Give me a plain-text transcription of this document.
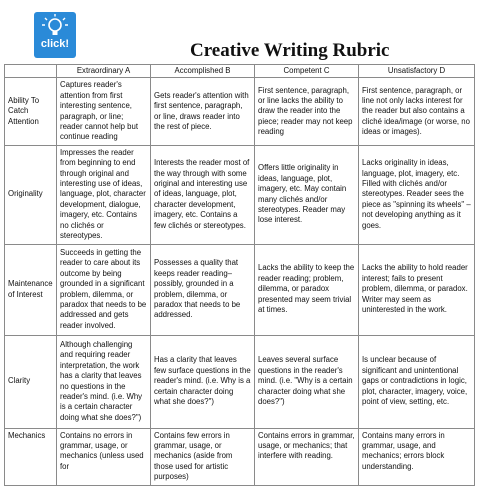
click!	Creative Writing Rubric
	Extraordinary A	Accomplished B	Competent C	Unsatisfactory D
Ability To Catch Attention	Captures reader's attention from first interesting sentence, paragraph, or line; reader cannot help but continue reading	Gets reader's attention with first sentence, paragraph, or line, draws reader into the rest of piece.	First sentence, paragraph, or line lacks the ability to draw the reader into the piece; reader may not keep reading	First sentence, paragraph, or line not only lacks interest for the reader but also contains a cliché idea/image (or worse, no ideas or images).
Originality	Impresses the reader from beginning to end through original and interesting use of ideas, language, plot, character development, dialogue, imagery, etc. Contains no clichés or stereotypes.	Interests the reader most of the way through with some original and interesting use of ideas, language, plot, character development, imagery, etc. Contains a few clichés or stereotypes.	Offers little originality in ideas, language, plot, imagery, etc. May contain many clichés and/or stereotypes. Reader may lose interest.	Lacks originality in ideas, language, plot, imagery, etc. Filled with clichés and/or stereotypes. Reader sees the piece as "spinning its wheels" – not developing anything as it goes.
Maintenance of Interest	Succeeds in getting the reader to care about its outcome by being grounded in a significant problem, dilemma, or paradox that needs to be addressed and gets reader involved.	Possesses a quality that keeps reader reading–possibly, grounded in a problem, dilemma, or paradox that needs to be addressed.	Lacks the ability to keep the reader reading; problem, dilemma, or paradox presented may seem trivial at times.	Lacks the ability to hold reader interest; fails to present problem, dilemma, or paradox. Writer may seem as uninterested in the work.
Clarity	Although challenging and requiring reader interpretation, the work has a clarity that leaves no questions in the reader's mind. (i.e. Why is a certain character doing what she does?")	Has a clarity that leaves few surface questions in the reader's mind. (i.e. Why is a certain character doing what she does?")	Leaves several surface questions in the reader's mind. (i.e. "Why is a certain character doing what she does?")	Is unclear because of significant and unintentional gaps or contradictions in logic, plot, character, imagery, voice, point of view, setting, etc.
Mechanics	Contains no errors in grammar, usage, or mechanics (unless used for	Contains few errors in grammar, usage, or mechanics (aside from those used for artistic purposes)	Contains errors in grammar, usage, or mechanics; that interfere with reading.	Contains many errors in grammar, usage, and mechanics; errors block understanding.
